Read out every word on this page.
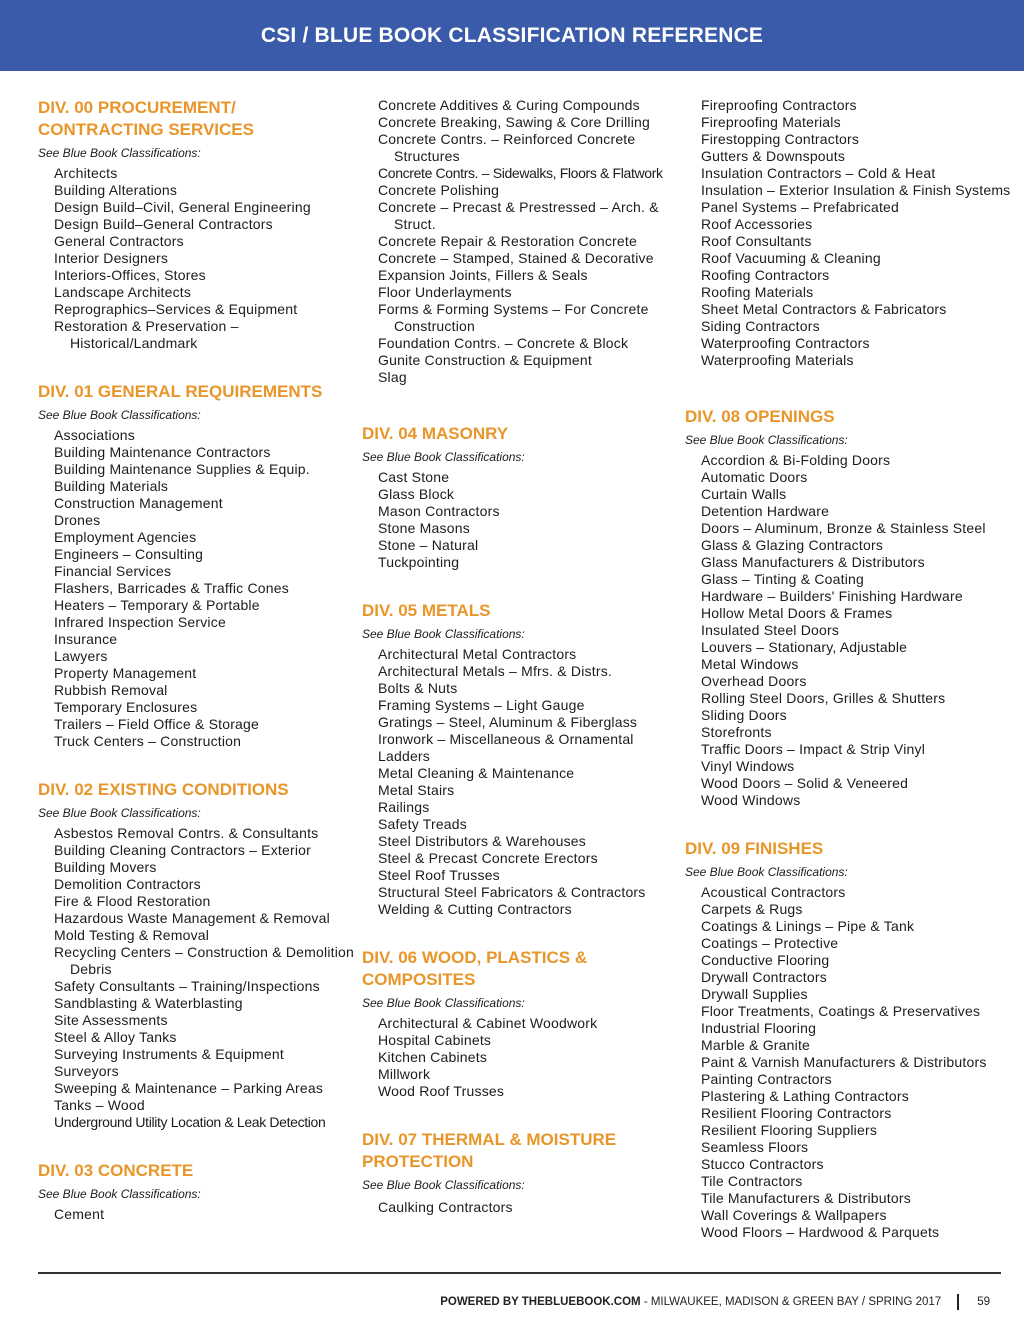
CSI / BLUE BOOK CLASSIFICATION REFERENCE
DIV. 00 PROCUREMENT/
CONTRACTING SERVICES
See Blue Book Classifications:
Architects
Building Alterations
Design Build–Civil, General Engineering
Design Build–General Contractors
General Contractors
Interior Designers
Interiors-Offices, Stores
Landscape Architects
Reprographics–Services & Equipment
Restoration & Preservation – Historical/Landmark
DIV. 01 GENERAL REQUIREMENTS
See Blue Book Classifications:
Associations
Building Maintenance Contractors
Building Maintenance Supplies & Equip.
Building Materials
Construction Management
Drones
Employment Agencies
Engineers – Consulting
Financial Services
Flashers, Barricades & Traffic Cones
Heaters – Temporary & Portable
Infrared Inspection Service
Insurance
Lawyers
Property Management
Rubbish Removal
Temporary Enclosures
Trailers – Field Office & Storage
Truck Centers – Construction
DIV. 02 EXISTING CONDITIONS
See Blue Book Classifications:
Asbestos Removal Contrs. & Consultants
Building Cleaning Contractors – Exterior
Building Movers
Demolition Contractors
Fire & Flood Restoration
Hazardous Waste Management & Removal
Mold Testing & Removal
Recycling Centers – Construction & Demolition Debris
Safety Consultants – Training/Inspections
Sandblasting & Waterblasting
Site Assessments
Steel & Alloy Tanks
Surveying Instruments & Equipment
Surveyors
Sweeping & Maintenance – Parking Areas
Tanks – Wood
Underground Utility Location & Leak Detection
DIV. 03 CONCRETE
See Blue Book Classifications:
Cement
Concrete Additives & Curing Compounds
Concrete Breaking, Sawing & Core Drilling
Concrete Contrs. – Reinforced Concrete Structures
Concrete Contrs. – Sidewalks, Floors & Flatwork
Concrete Polishing
Concrete – Precast & Prestressed – Arch. & Struct.
Concrete Repair & Restoration Concrete
Concrete – Stamped, Stained & Decorative
Expansion Joints, Fillers & Seals
Floor Underlayments
Forms & Forming Systems – For Concrete Construction
Foundation Contrs. – Concrete & Block
Gunite Construction & Equipment
Slag
DIV. 04 MASONRY
See Blue Book Classifications:
Cast Stone
Glass Block
Mason Contractors
Stone Masons
Stone – Natural
Tuckpointing
DIV. 05 METALS
See Blue Book Classifications:
Architectural Metal Contractors
Architectural Metals – Mfrs. & Distrs.
Bolts & Nuts
Framing Systems – Light Gauge
Gratings – Steel, Aluminum & Fiberglass
Ironwork – Miscellaneous & Ornamental
Ladders
Metal Cleaning & Maintenance
Metal Stairs
Railings
Safety Treads
Steel Distributors & Warehouses
Steel & Precast Concrete Erectors
Steel Roof Trusses
Structural Steel Fabricators & Contractors
Welding & Cutting Contractors
DIV. 06 WOOD, PLASTICS &
COMPOSITES
See Blue Book Classifications:
Architectural & Cabinet Woodwork
Hospital Cabinets
Kitchen Cabinets
Millwork
Wood Roof Trusses
DIV. 07 THERMAL & MOISTURE
PROTECTION
See Blue Book Classifications:
Caulking Contractors
Fireproofing Contractors
Fireproofing Materials
Firestopping Contractors
Gutters & Downspouts
Insulation Contractors – Cold & Heat
Insulation – Exterior Insulation & Finish Systems
Panel Systems – Prefabricated
Roof Accessories
Roof Consultants
Roof Vacuuming & Cleaning
Roofing Contractors
Roofing Materials
Sheet Metal Contractors & Fabricators
Siding Contractors
Waterproofing Contractors
Waterproofing Materials
DIV. 08 OPENINGS
See Blue Book Classifications:
Accordion & Bi-Folding Doors
Automatic Doors
Curtain Walls
Detention Hardware
Doors – Aluminum, Bronze & Stainless Steel
Glass & Glazing Contractors
Glass Manufacturers & Distributors
Glass – Tinting & Coating
Hardware – Builders' Finishing Hardware
Hollow Metal Doors & Frames
Insulated Steel Doors
Louvers – Stationary, Adjustable
Metal Windows
Overhead Doors
Rolling Steel Doors, Grilles & Shutters
Sliding Doors
Storefronts
Traffic Doors – Impact & Strip Vinyl
Vinyl Windows
Wood Doors – Solid & Veneered
Wood Windows
DIV. 09 FINISHES
See Blue Book Classifications:
Acoustical Contractors
Carpets & Rugs
Coatings & Linings – Pipe & Tank
Coatings – Protective
Conductive Flooring
Drywall Contractors
Drywall Supplies
Floor Treatments, Coatings & Preservatives
Industrial Flooring
Marble & Granite
Paint & Varnish Manufacturers & Distributors
Painting Contractors
Plastering & Lathing Contractors
Resilient Flooring Contractors
Resilient Flooring Suppliers
Seamless Floors
Stucco Contractors
Tile Contractors
Tile Manufacturers & Distributors
Wall Coverings & Wallpapers
Wood Floors – Hardwood & Parquets
POWERED BY THEBLUEBOOK.COM - MILWAUKEE, MADISON & GREEN BAY / SPRING 2017	59
